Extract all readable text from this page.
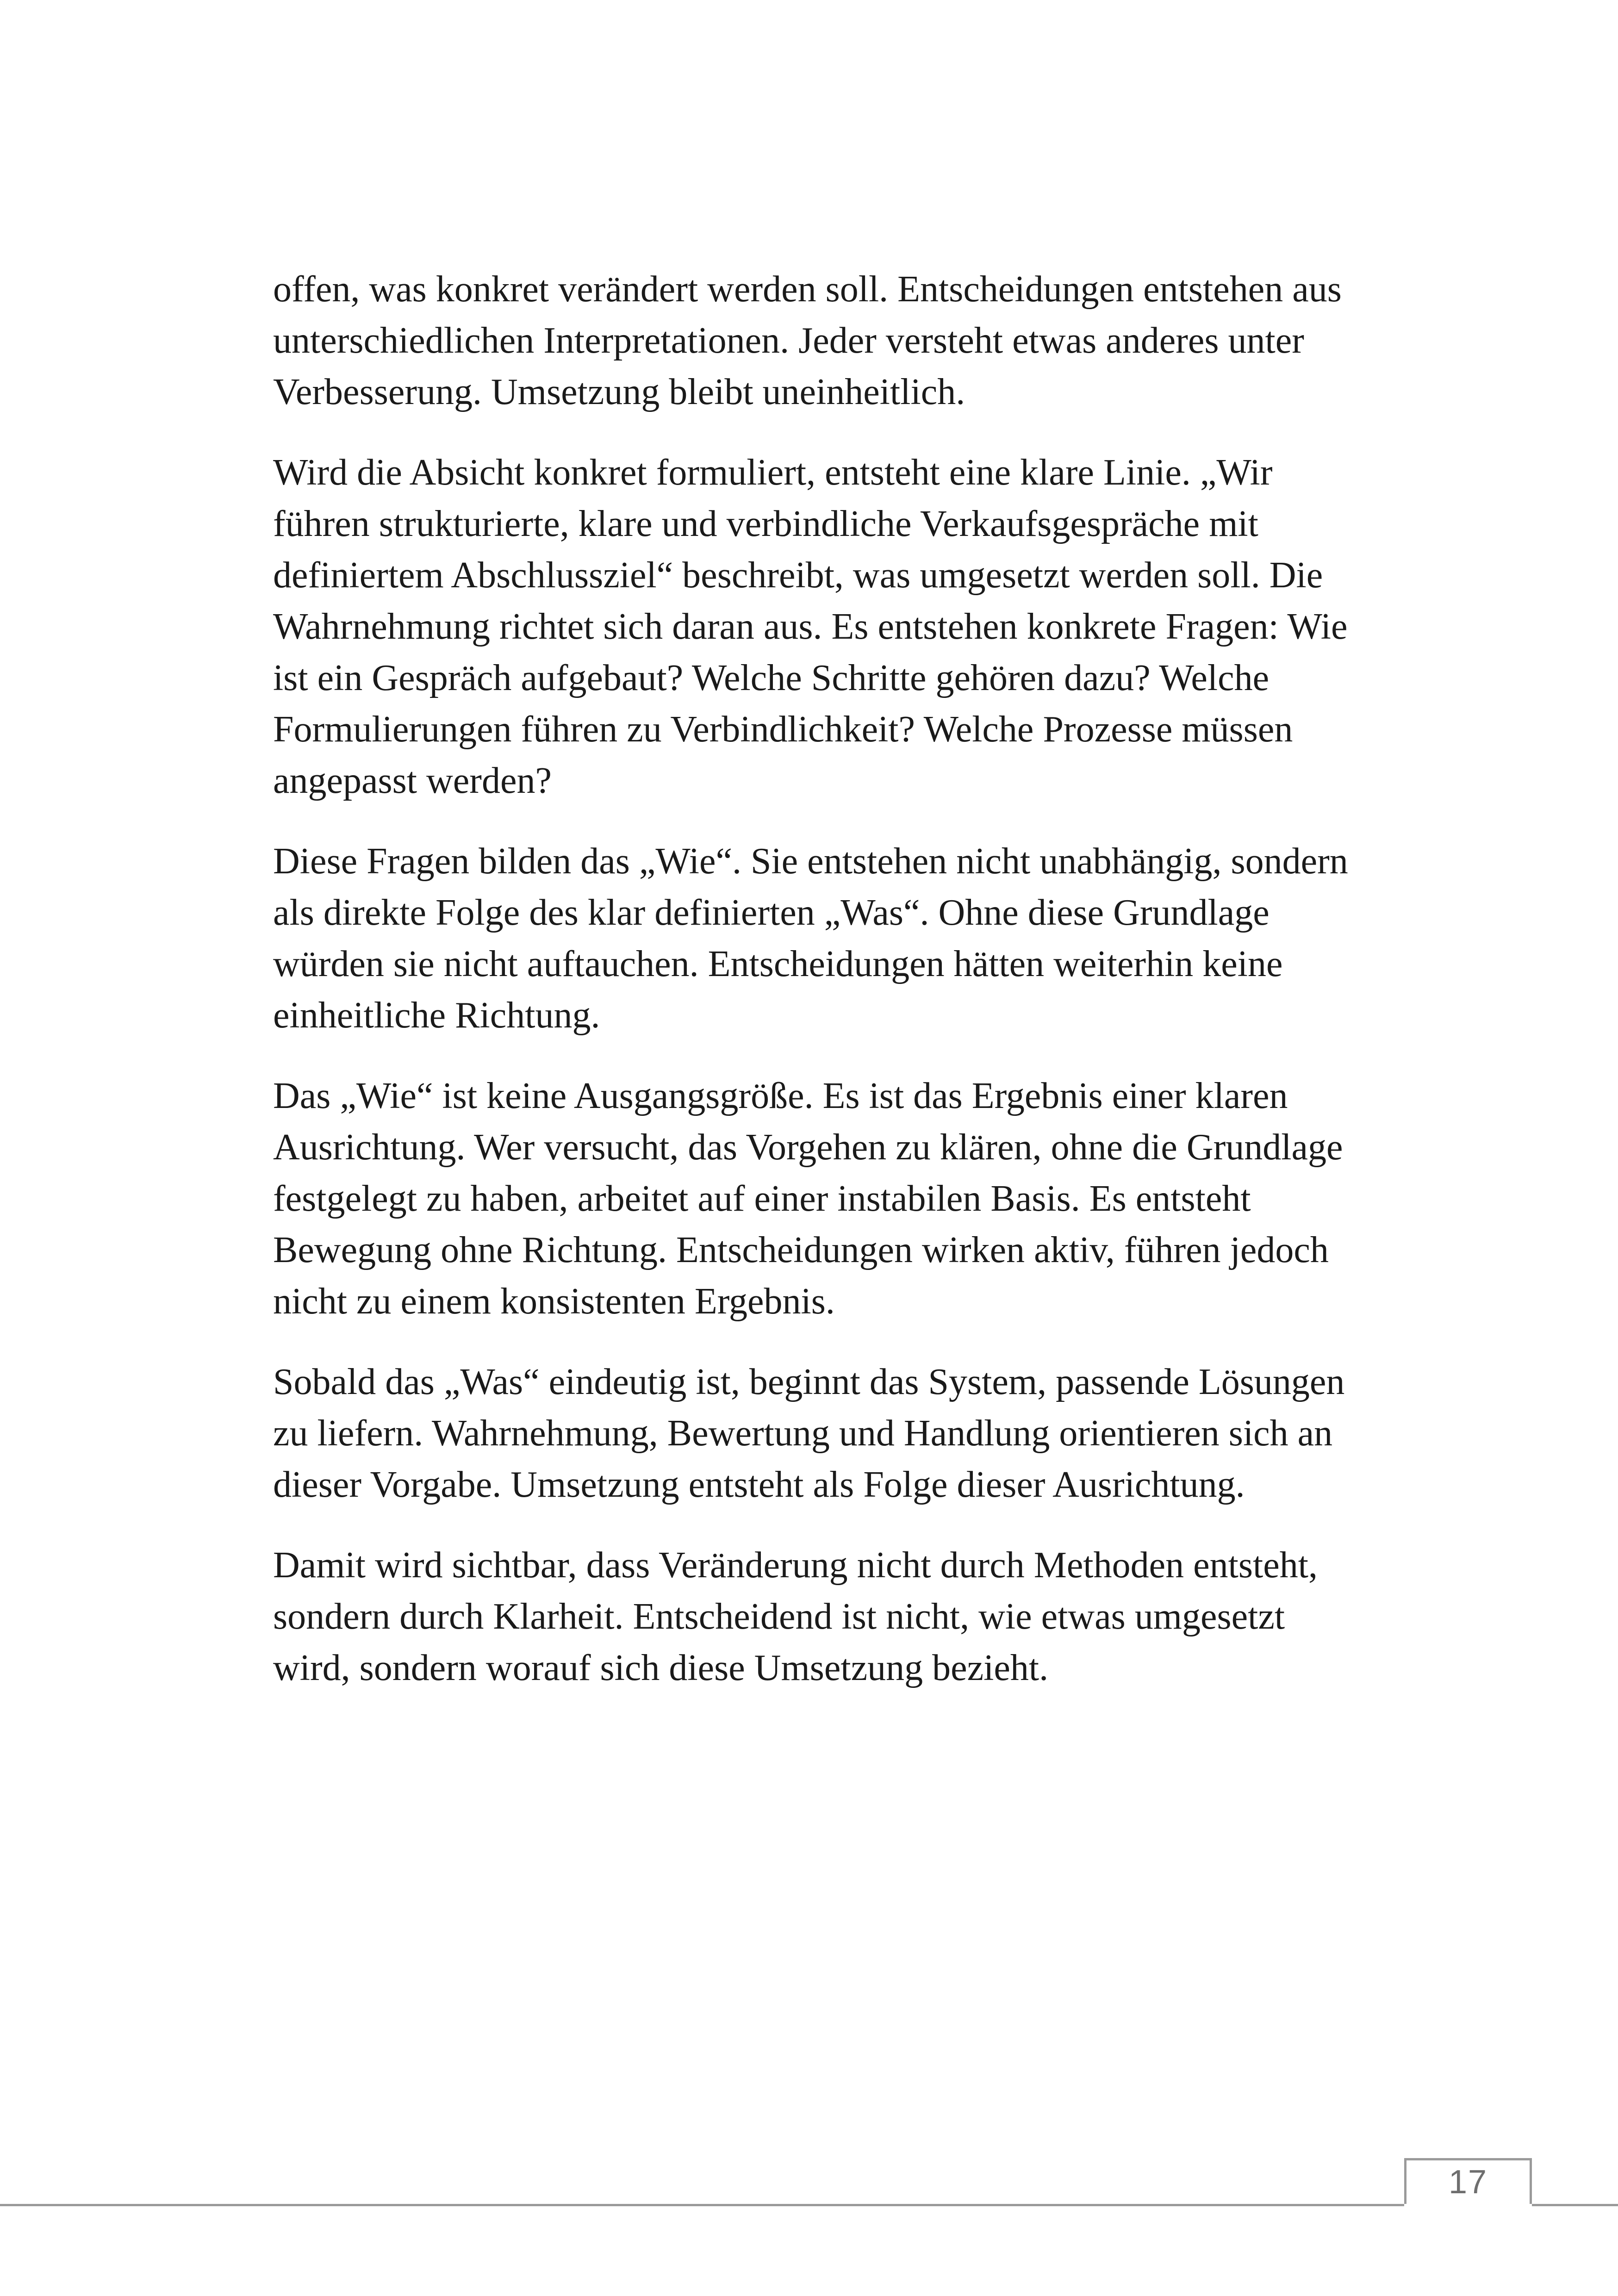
offen, was konkret verändert werden soll. Entscheidungen entstehen aus unterschiedlichen Interpretationen. Jeder versteht etwas anderes unter Verbesserung. Umsetzung bleibt uneinheitlich.

Wird die Absicht konkret formuliert, entsteht eine klare Linie. „Wir führen strukturierte, klare und verbindliche Verkaufsgespräche mit definiertem Abschlussziel“ beschreibt, was umgesetzt werden soll. Die Wahrnehmung richtet sich daran aus. Es entstehen konkrete Fragen: Wie ist ein Gespräch aufgebaut? Welche Schritte gehören dazu? Welche Formulierungen führen zu Verbindlichkeit? Welche Prozesse müssen angepasst werden?

Diese Fragen bilden das „Wie“. Sie entstehen nicht unabhängig, sondern als direkte Folge des klar definierten „Was“. Ohne diese Grundlage würden sie nicht auftauchen. Entscheidungen hätten weiterhin keine einheitliche Richtung.

Das „Wie“ ist keine Ausgangsgröße. Es ist das Ergebnis einer klaren Ausrichtung. Wer versucht, das Vorgehen zu klären, ohne die Grundlage festgelegt zu haben, arbeitet auf einer instabilen Basis. Es entsteht Bewegung ohne Richtung. Entscheidungen wirken aktiv, führen jedoch nicht zu einem konsistenten Ergebnis.

Sobald das „Was“ eindeutig ist, beginnt das System, passende Lösungen zu liefern. Wahrnehmung, Bewertung und Handlung orientieren sich an dieser Vorgabe. Umsetzung entsteht als Folge dieser Ausrichtung.

Damit wird sichtbar, dass Veränderung nicht durch Methoden entsteht, sondern durch Klarheit. Entscheidend ist nicht, wie etwas umgesetzt wird, sondern worauf sich diese Umsetzung bezieht.

17
